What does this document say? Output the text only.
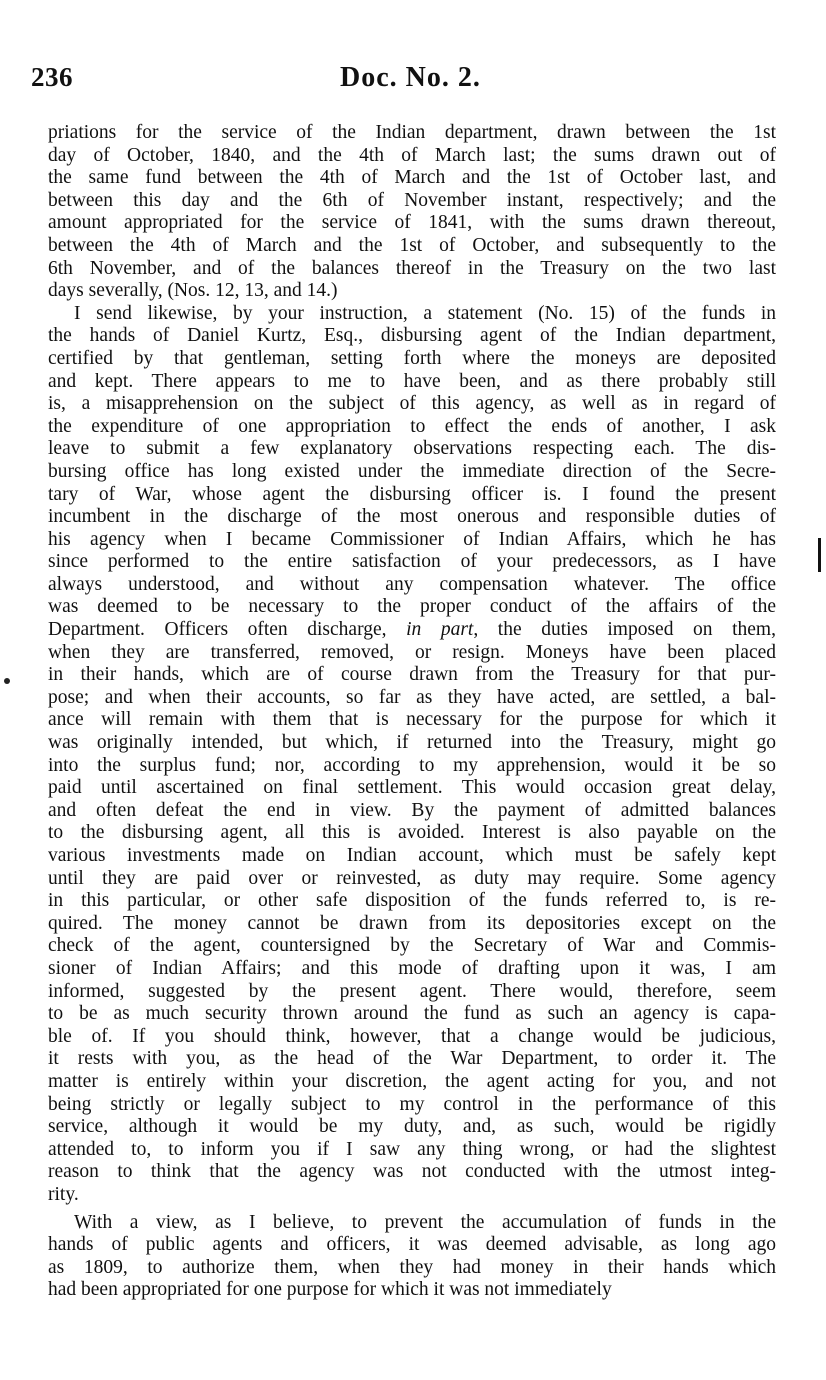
236	Doc. No. 2.
priations for the service of the Indian department, drawn between the 1st
day of October, 1840, and the 4th of March last; the sums drawn out of
the same fund between the 4th of March and the 1st of October last, and
between this day and the 6th of November instant, respectively; and the
amount appropriated for the service of 1841, with the sums drawn thereout,
between the 4th of March and the 1st of October, and subsequently to the
6th November, and of the balances thereof in the Treasury on the two last
days severally, (Nos. 12, 13, and 14.)
I send likewise, by your instruction, a statement (No. 15) of the funds in
the hands of Daniel Kurtz, Esq., disbursing agent of the Indian department,
certified by that gentleman, setting forth where the moneys are deposited
and kept. There appears to me to have been, and as there probably still
is, a misapprehension on the subject of this agency, as well as in regard of
the expenditure of one appropriation to effect the ends of another, I ask
leave to submit a few explanatory observations respecting each. The dis-
bursing office has long existed under the immediate direction of the Secre-
tary of War, whose agent the disbursing officer is. I found the present
incumbent in the discharge of the most onerous and responsible duties of
his agency when I became Commissioner of Indian Affairs, which he has
since performed to the entire satisfaction of your predecessors, as I have
always understood, and without any compensation whatever. The office
was deemed to be necessary to the proper conduct of the affairs of the
Department. Officers often discharge, in part, the duties imposed on them,
when they are transferred, removed, or resign. Moneys have been placed
in their hands, which are of course drawn from the Treasury for that pur-
pose; and when their accounts, so far as they have acted, are settled, a bal-
ance will remain with them that is necessary for the purpose for which it
was originally intended, but which, if returned into the Treasury, might go
into the surplus fund; nor, according to my apprehension, would it be so
paid until ascertained on final settlement. This would occasion great delay,
and often defeat the end in view. By the payment of admitted balances
to the disbursing agent, all this is avoided. Interest is also payable on the
various investments made on Indian account, which must be safely kept
until they are paid over or reinvested, as duty may require. Some agency
in this particular, or other safe disposition of the funds referred to, is re-
quired. The money cannot be drawn from its depositories except on the
check of the agent, countersigned by the Secretary of War and Commis-
sioner of Indian Affairs; and this mode of drafting upon it was, I am
informed, suggested by the present agent. There would, therefore, seem
to be as much security thrown around the fund as such an agency is capa-
ble of. If you should think, however, that a change would be judicious,
it rests with you, as the head of the War Department, to order it. The
matter is entirely within your discretion, the agent acting for you, and not
being strictly or legally subject to my control in the performance of this
service, although it would be my duty, and, as such, would be rigidly
attended to, to inform you if I saw any thing wrong, or had the slightest
reason to think that the agency was not conducted with the utmost integ-
rity.
With a view, as I believe, to prevent the accumulation of funds in the
hands of public agents and officers, it was deemed advisable, as long ago
as 1809, to authorize them, when they had money in their hands which
had been appropriated for one purpose for which it was not immediately
